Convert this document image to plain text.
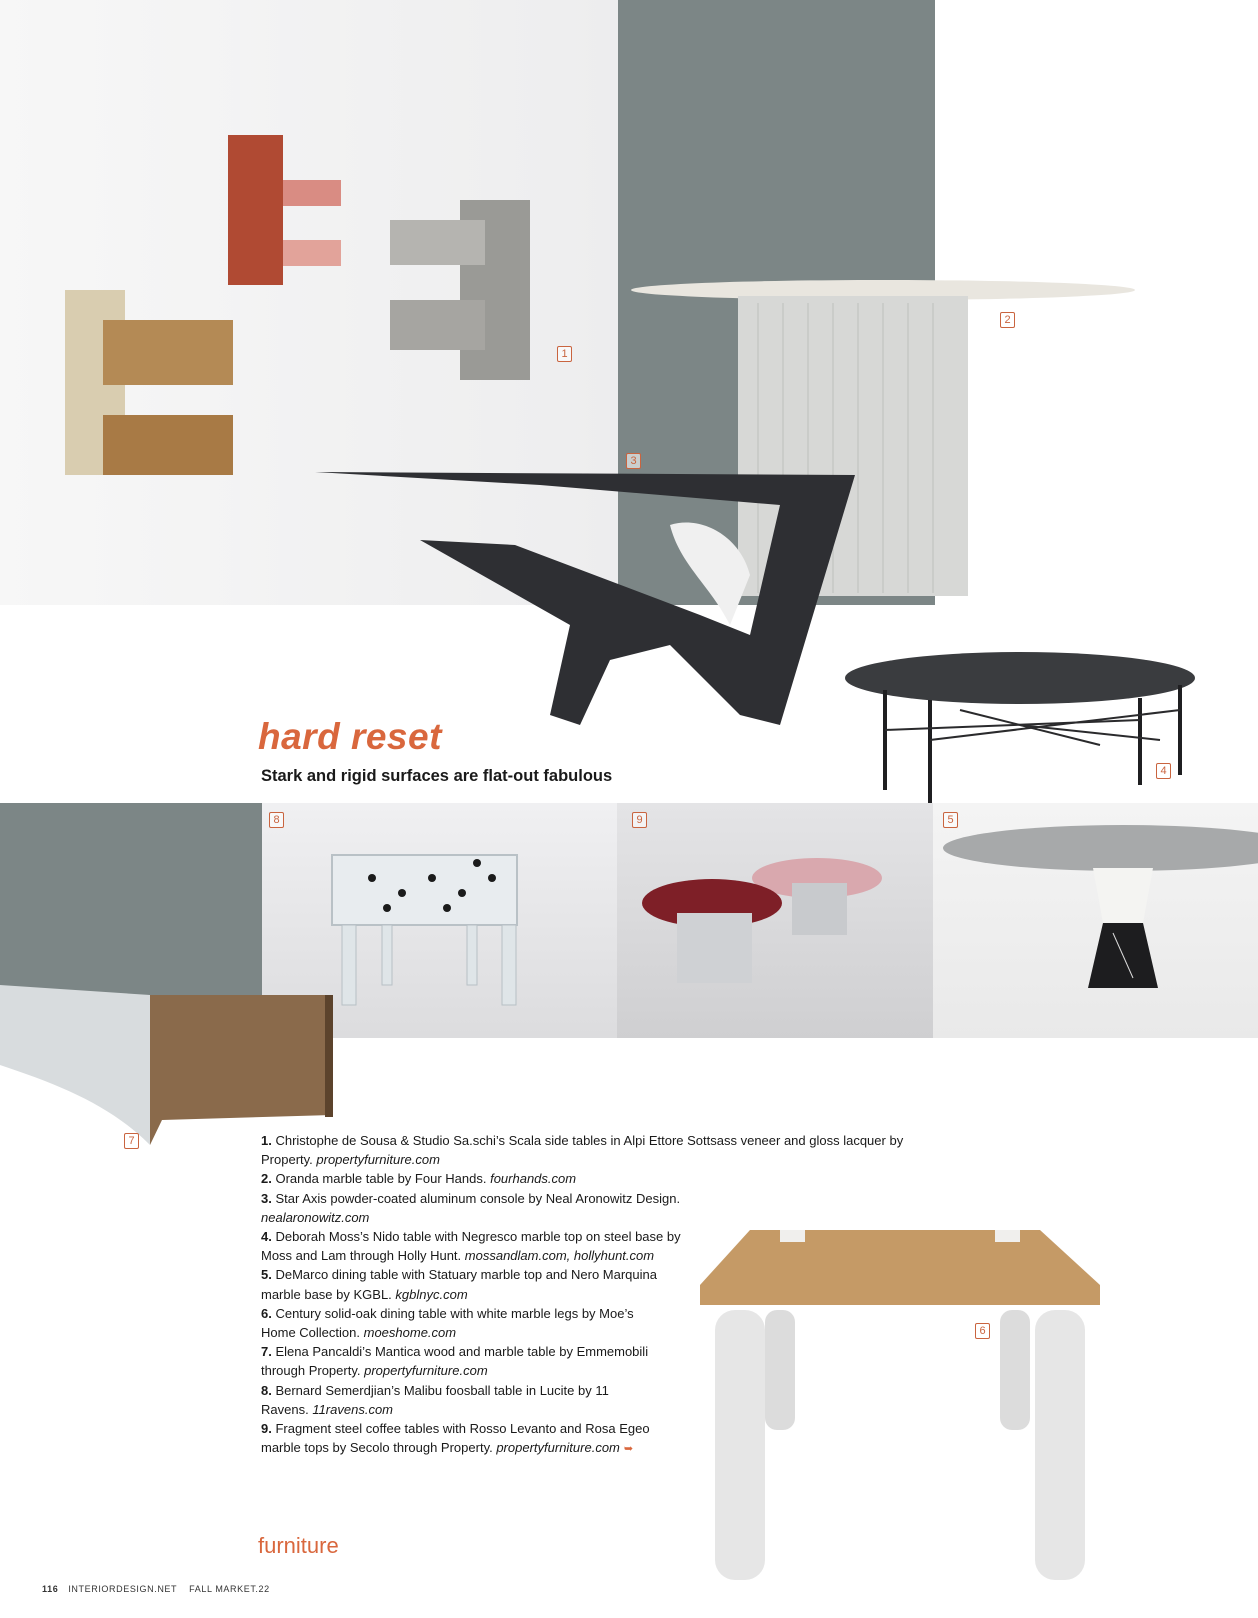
1
2
3
4
5
6
7
8	9
hard reset
Stark and rigid surfaces are flat-out fabulous

1. Christophe de Sousa & Studio Sa.schi’s Scala side tables in Alpi Ettore Sottsass veneer and gloss lacquer by Property. propertyfurniture.com

2. Oranda marble table by Four Hands. fourhands.com

3. Star Axis powder-coated aluminum console by Neal Aronowitz Design. nealaronowitz.com

4. Deborah Moss’s Nido table with Negresco marble top on steel base by Moss and Lam through Holly Hunt. mossandlam.com, hollyhunt.com

5. DeMarco dining table with Statuary marble top and Nero Marquina marble base by KGBL. kgblnyc.com

6. Century solid-oak dining table with white marble legs by Moe’s Home Collection. moeshome.com

7. Elena Pancaldi’s Mantica wood and marble table by Emmemobili through Property. propertyfurniture.com

8. Bernard Semerdjian’s Malibu foosball table in Lucite by 11 Ravens. 11ravens.com

9. Fragment steel coffee tables with Rosso Levanto and Rosa Egeo marble tops by Secolo through Property. propertyfurniture.com ➥

furniture
116 INTERIORDESIGN.NET FALL MARKET.22
